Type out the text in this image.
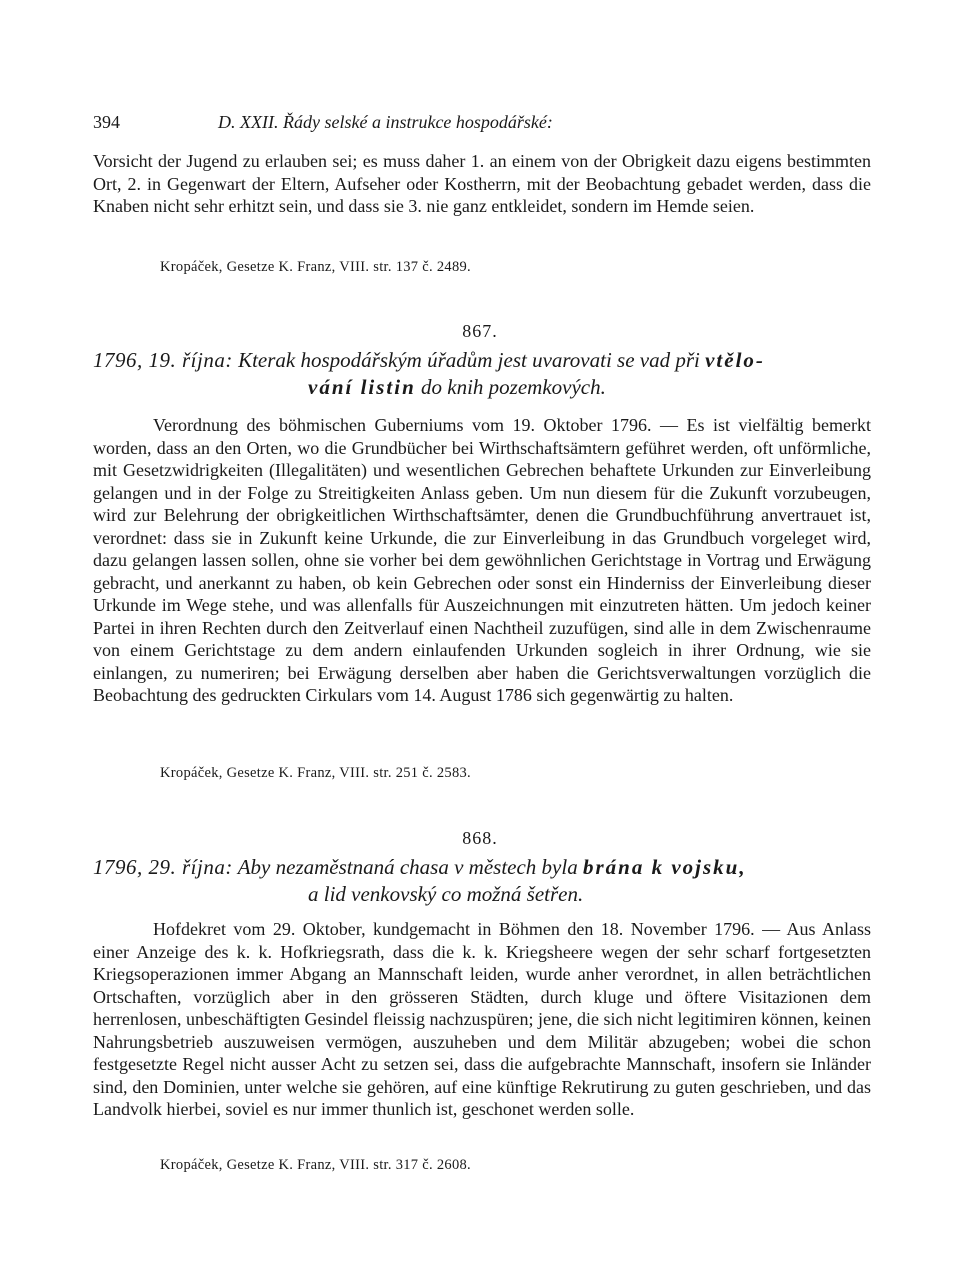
394	D. XXII. Řády selské a instrukce hospodářské:
Vorsicht der Jugend zu erlauben sei; es muss daher 1. an einem von der Obrigkeit dazu eigens bestimmten Ort, 2. in Gegenwart der Eltern, Aufseher oder Kostherrn, mit der Beobachtung gebadet werden, dass die Knaben nicht sehr erhitzt sein, und dass sie 3. nie ganz entkleidet, sondern im Hemde seien.
Kropáček, Gesetze K. Franz, VIII. str. 137 č. 2489.
867.
1796, 19. října: Kterak hospodářským úřadům jest uvarovati se vad při vtělo-
vání listin do knih pozemkových.
Verordnung des böhmischen Guberniums vom 19. Oktober 1796. — Es ist vielfältig bemerkt worden, dass an den Orten, wo die Grundbücher bei Wirthschaftsämtern geführet werden, oft unförmliche, mit Gesetzwidrigkeiten (Illegalitäten) und wesentlichen Gebrechen behaftete Urkunden zur Einverleibung gelangen und in der Folge zu Streitigkeiten Anlass geben. Um nun diesem für die Zukunft vorzubeugen, wird zur Belehrung der obrigkeitlichen Wirthschaftsämter, denen die Grundbuchführung anvertrauet ist, verordnet: dass sie in Zukunft keine Urkunde, die zur Einverleibung in das Grundbuch vorgeleget wird, dazu gelangen lassen sollen, ohne sie vorher bei dem gewöhnlichen Gerichtstage in Vortrag und Erwägung gebracht, und anerkannt zu haben, ob kein Gebrechen oder sonst ein Hinderniss der Einverleibung dieser Urkunde im Wege stehe, und was allenfalls für Auszeichnungen mit einzutreten hätten. Um jedoch keiner Partei in ihren Rechten durch den Zeitverlauf einen Nachtheil zuzufügen, sind alle in dem Zwischenraume von einem Gerichtstage zu dem andern einlaufenden Urkunden sogleich in ihrer Ordnung, wie sie einlangen, zu numeriren; bei Erwägung derselben aber haben die Gerichtsverwaltungen vorzüglich die Beobachtung des gedruckten Cirkulars vom 14. August 1786 sich gegenwärtig zu halten.
Kropáček, Gesetze K. Franz, VIII. str. 251 č. 2583.
868.
1796, 29. října: Aby nezaměstnaná chasa v městech byla brána k vojsku,
a lid venkovský co možná šetřen.
Hofdekret vom 29. Oktober, kundgemacht in Böhmen den 18. November 1796. — Aus Anlass einer Anzeige des k. k. Hofkriegsrath, dass die k. k. Kriegsheere wegen der sehr scharf fortgesetzten Kriegsoperazionen immer Abgang an Mannschaft leiden, wurde anher verordnet, in allen beträchtlichen Ortschaften, vorzüglich aber in den grösseren Städten, durch kluge und öftere Visitazionen dem herrenlosen, unbeschäftigten Gesindel fleissig nachzuspüren; jene, die sich nicht legitimiren können, keinen Nahrungsbetrieb auszuweisen vermögen, auszuheben und dem Militär abzugeben; wobei die schon festgesetzte Regel nicht ausser Acht zu setzen sei, dass die aufgebrachte Mannschaft, insofern sie Inländer sind, den Dominien, unter welche sie gehören, auf eine künftige Rekrutirung zu guten geschrieben, und das Landvolk hierbei, soviel es nur immer thunlich ist, geschonet werden solle.
Kropáček, Gesetze K. Franz, VIII. str. 317 č. 2608.
